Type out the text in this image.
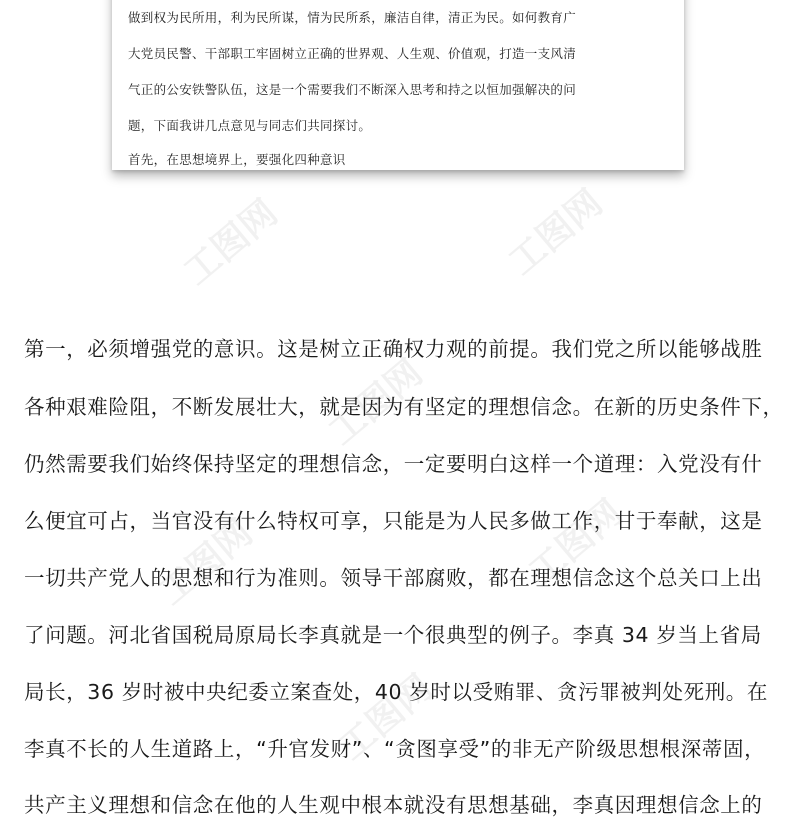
工图网	工图网
工图网
工图网
工图网
工图网
做到权为民所用，利为民所谋，情为民所系，廉洁自律，清正为民。如何教育广
大党员民警、干部职工牢固树立正确的世界观、人生观、价值观，打造一支风清
气正的公安铁警队伍，这是一个需要我们不断深入思考和持之以恒加强解决的问
题，下面我讲几点意见与同志们共同探讨。
首先，在思想境界上，要强化四种意识
第一，必须增强党的意识。这是树立正确权力观的前提。我们党之所以能够战胜
各种艰难险阻，不断发展壮大，就是因为有坚定的理想信念。在新的历史条件下，
仍然需要我们始终保持坚定的理想信念，一定要明白这样一个道理：入党没有什
么便宜可占，当官没有什么特权可享，只能是为人民多做工作，甘于奉献，这是
一切共产党人的思想和行为准则。领导干部腐败，都在理想信念这个总关口上出
了问题。河北省国税局原局长李真就是一个很典型的例子。李真 34 岁当上省局
局长，36 岁时被中央纪委立案查处，40 岁时以受贿罪、贪污罪被判处死刑。在
李真不长的人生道路上，“升官发财”、“贪图享受”的非无产阶级思想根深蒂固，
共产主义理想和信念在他的人生观中根本就没有思想基础，李真因理想信念上的
